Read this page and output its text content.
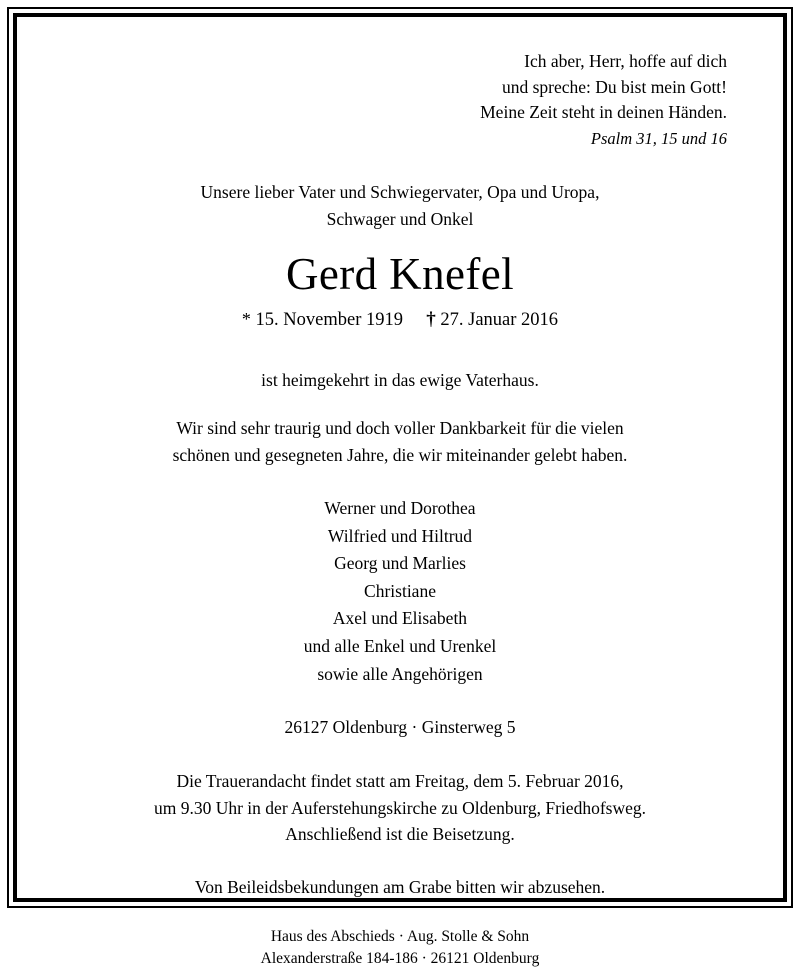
Ich aber, Herr, hoffe auf dich
und spreche: Du bist mein Gott!
Meine Zeit steht in deinen Händen.
Psalm 31, 15 und 16
Unsere lieber Vater und Schwiegervater, Opa und Uropa,
Schwager und Onkel
Gerd Knefel
* 15. November 1919 † 27. Januar 2016
ist heimgekehrt in das ewige Vaterhaus.
Wir sind sehr traurig und doch voller Dankbarkeit für die vielen
schönen und gesegneten Jahre, die wir miteinander gelebt haben.
Werner und Dorothea
Wilfried und Hiltrud
Georg und Marlies
Christiane
Axel und Elisabeth
und alle Enkel und Urenkel
sowie alle Angehörigen
26127 Oldenburg · Ginsterweg 5
Die Trauerandacht findet statt am Freitag, dem 5. Februar 2016,
um 9.30 Uhr in der Auferstehungskirche zu Oldenburg, Friedhofsweg.
Anschließend ist die Beisetzung.
Von Beileidsbekundungen am Grabe bitten wir abzusehen.
Haus des Abschieds · Aug. Stolle & Sohn
Alexanderstraße 184-186 · 26121 Oldenburg
